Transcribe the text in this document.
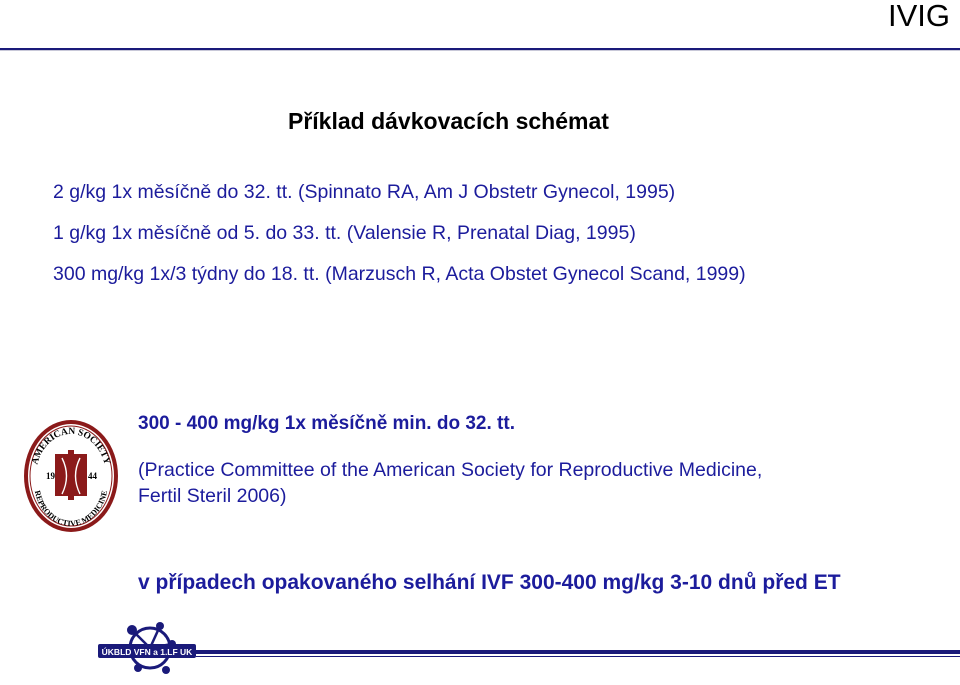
IVIG
Příklad dávkovacích schémat
2 g/kg 1x měsíčně do 32. tt. (Spinnato RA, Am J Obstetr Gynecol, 1995)
1 g/kg 1x měsíčně od 5. do 33. tt. (Valensie R, Prenatal Diag, 1995)
300 mg/kg 1x/3 týdny do 18. tt. (Marzusch R, Acta Obstet Gynecol Scand, 1999)
AMERICAN SOCIETY
REPRODUCTIVE MEDICINE
19	44
300 - 400 mg/kg 1x měsíčně min. do 32. tt.
(Practice Committee of the American Society for Reproductive Medicine,
Fertil Steril 2006)
v případech opakovaného selhání IVF 300-400 mg/kg 3-10 dnů před ET
ÚKBLD VFN a 1.LF UK
